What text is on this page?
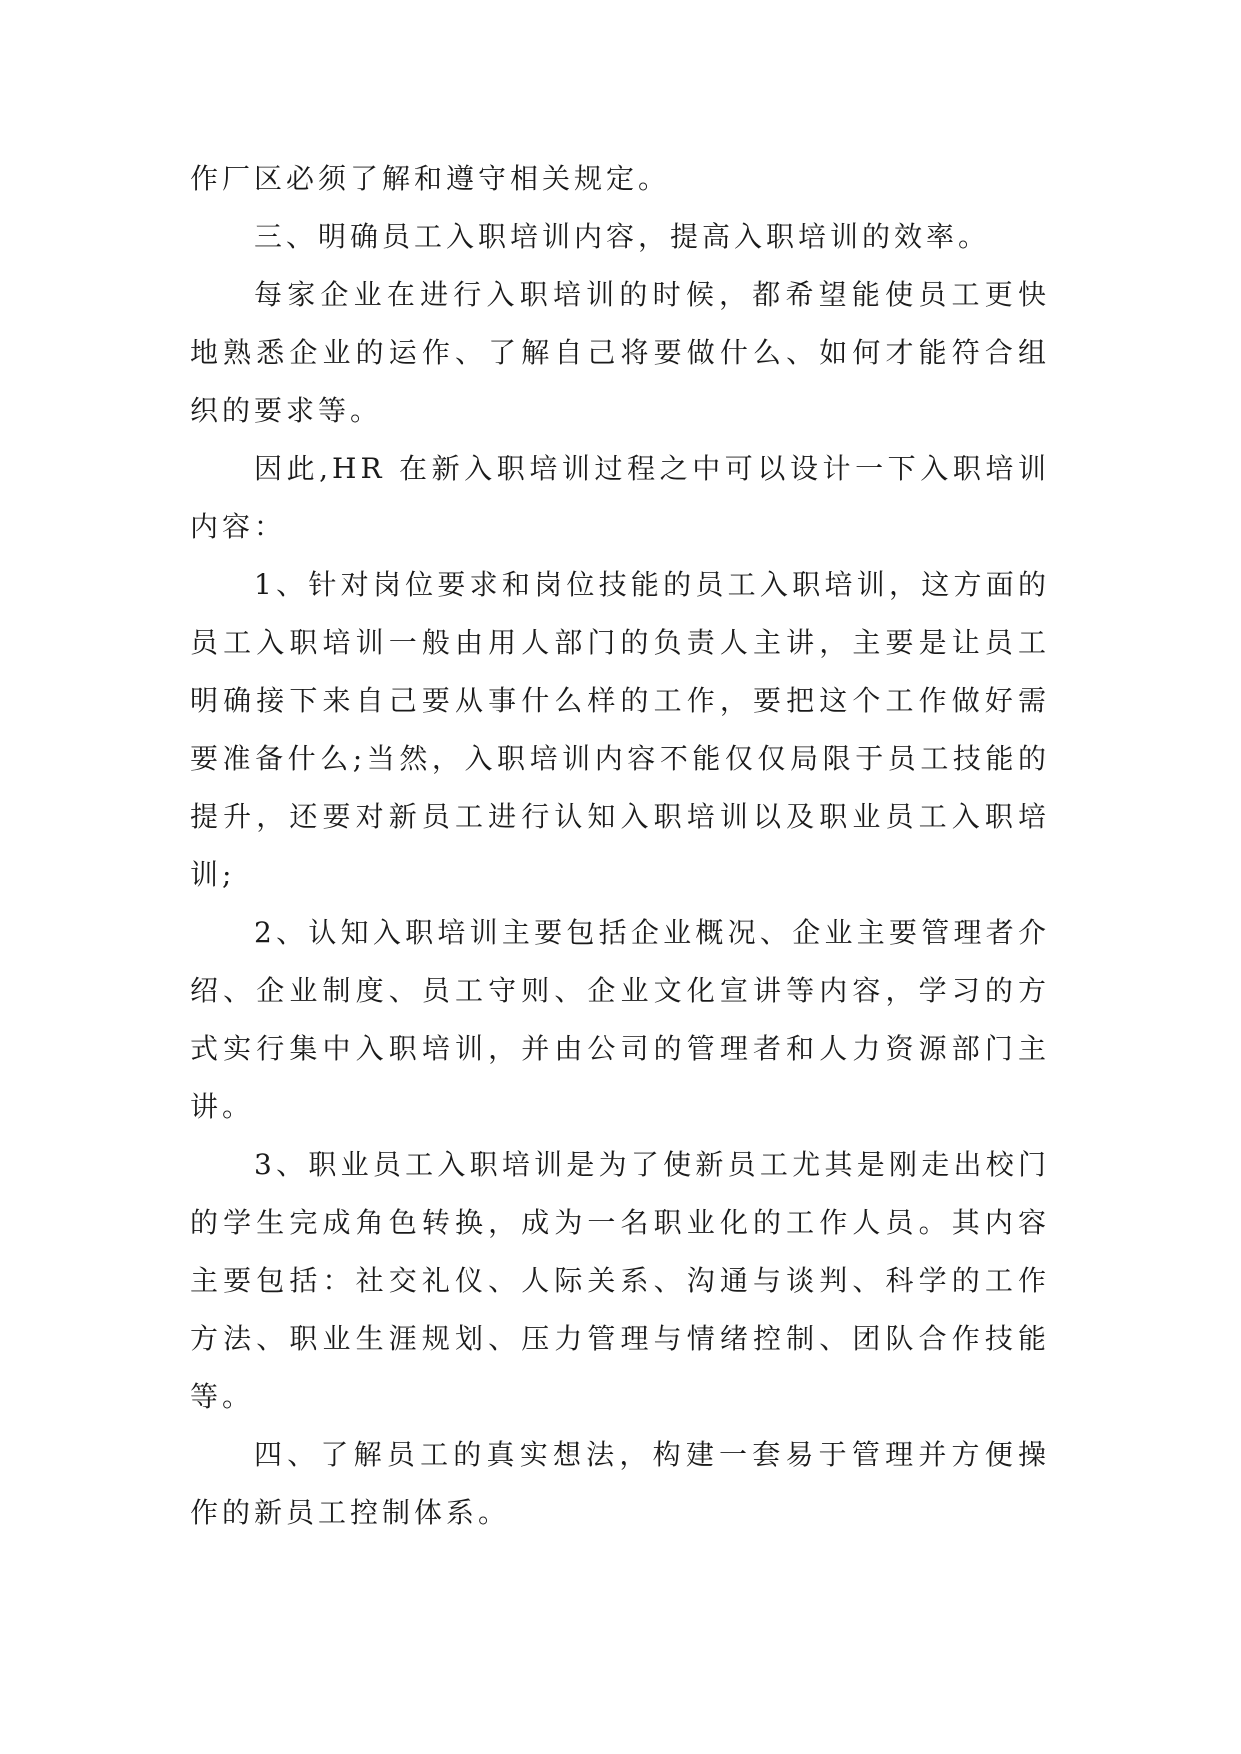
作厂区必须了解和遵守相关规定。

三、明确员工入职培训内容，提高入职培训的效率。

每家企业在进行入职培训的时候，都希望能使员工更快地熟悉企业的运作、了解自己将要做什么、如何才能符合组织的要求等。

因此,HR 在新入职培训过程之中可以设计一下入职培训内容：

1、针对岗位要求和岗位技能的员工入职培训，这方面的员工入职培训一般由用人部门的负责人主讲，主要是让员工明确接下来自己要从事什么样的工作，要把这个工作做好需要准备什么;当然，入职培训内容不能仅仅局限于员工技能的提升，还要对新员工进行认知入职培训以及职业员工入职培训;

2、认知入职培训主要包括企业概况、企业主要管理者介绍、企业制度、员工守则、企业文化宣讲等内容，学习的方式实行集中入职培训，并由公司的管理者和人力资源部门主讲。

3、职业员工入职培训是为了使新员工尤其是刚走出校门的学生完成角色转换，成为一名职业化的工作人员。其内容主要包括：社交礼仪、人际关系、沟通与谈判、科学的工作方法、职业生涯规划、压力管理与情绪控制、团队合作技能等。

四、了解员工的真实想法，构建一套易于管理并方便操作的新员工控制体系。
